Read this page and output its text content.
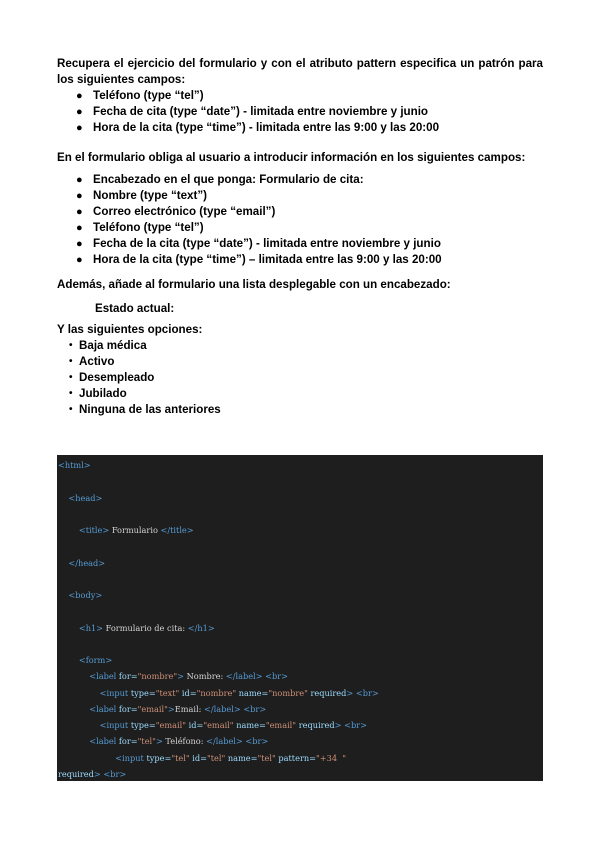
Recupera el ejercicio del formulario y con el atributo pattern especifica un patrón para los siguientes campos:

● Teléfono (type “tel”)
● Fecha de cita (type “date”) - limitada entre noviembre y junio
● Hora de la cita (type “time”) - limitada entre las 9:00 y las 20:00

En el formulario obliga al usuario a introducir información en los siguientes campos:

● Encabezado en el que ponga: Formulario de cita:
● Nombre (type “text”)
● Correo electrónico (type “email”)
● Teléfono (type “tel”)
● Fecha de la cita (type “date”) - limitada entre noviembre y junio
● Hora de la cita (type “time”) – limitada entre las 9:00 y las 20:00

Además, añade al formulario una lista desplegable con un encabezado:

Estado actual:

Y las siguientes opciones:

• Baja médica
• Activo
• Desempleado
• Jubilado
• Ninguna de las anteriores
<html>

<head>

<title> Formulario </title>

</head>

<body>

<h1> Formulario de cita: </h1>

<form>
<label for="nombre"> Nombre: </label> <br>
<input type="text" id="nombre" name="nombre" required> <br>
<label for="email">Email: </label> <br>
<input type="email" id="email" name="email" required> <br>
<label for="tel"> Teléfono: </label> <br>
<input type="tel" id="tel" name="tel" pattern="+34  "
required> <br>
